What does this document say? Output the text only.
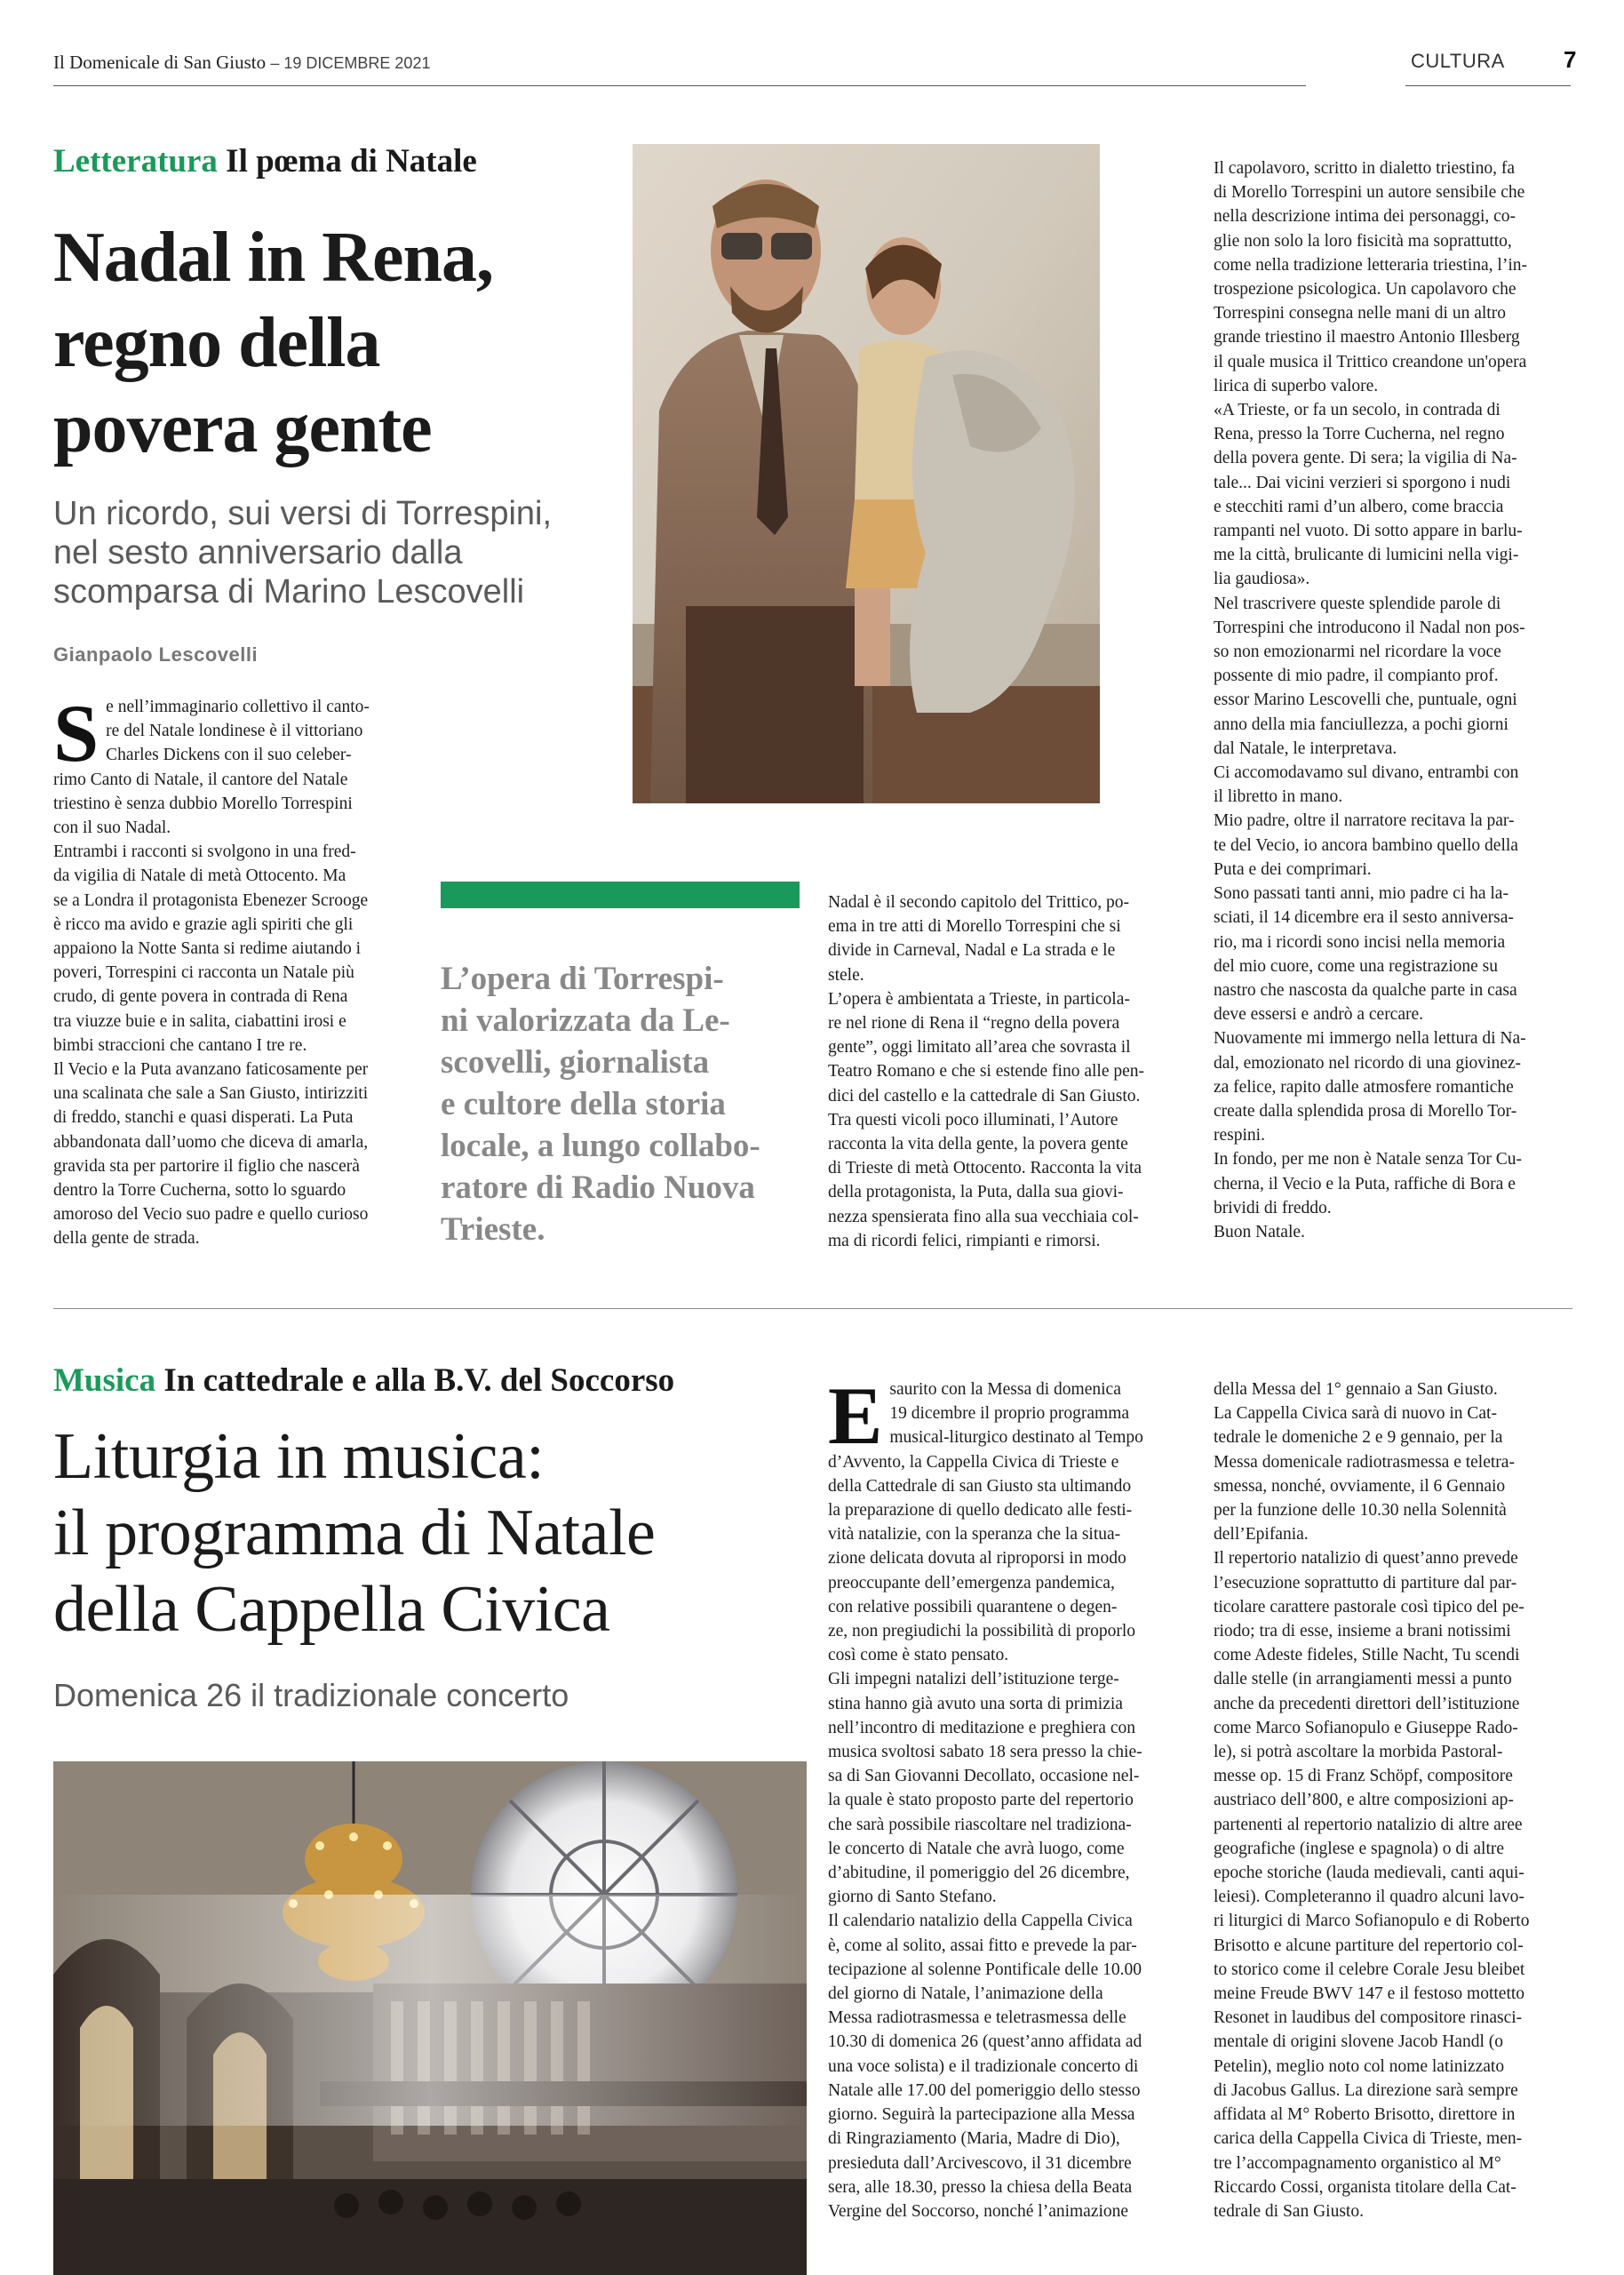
Il Domenicale di San Giusto – 19 DICEMBRE 2021	CULTURA	7
Letteratura Il pœma di Natale
Nadal in Rena,
regno della
povera gente
Un ricordo, sui versi di Torrespini,
nel sesto anniversario dalla
scomparsa di Marino Lescovelli
Gianpaolo Lescovelli
S e nell’immaginario collettivo il canto-

re del Natale londinese è il vittoriano

Charles Dickens con il suo celeber-

rimo Canto di Natale, il cantore del Natale

triestino è senza dubbio Morello Torrespini

con il suo Nadal.

Entrambi i racconti si svolgono in una fred-

da vigilia di Natale di metà Ottocento. Ma

se a Londra il protagonista Ebenezer Scrooge

è ricco ma avido e grazie agli spiriti che gli

appaiono la Notte Santa si redime aiutando i

poveri, Torrespini ci racconta un Natale più

crudo, di gente povera in contrada di Rena

tra viuzze buie e in salita, ciabattini irosi e

bimbi straccioni che cantano I tre re.

Il Vecio e la Puta avanzano faticosamente per

una scalinata che sale a San Giusto, intirizziti

di freddo, stanchi e quasi disperati. La Puta

abbandonata dall’uomo che diceva di amarla,

gravida sta per partorire il figlio che nascerà

dentro la Torre Cucherna, sotto lo sguardo

amoroso del Vecio suo padre e quello curioso

della gente de strada.

L’opera di Torrespi-
ni valorizzata da Le-
scovelli, giornalista
e cultore della storia
locale, a lungo collabo-
ratore di Radio Nuova
Trieste.

Nadal è il secondo capitolo del Trittico, po-

ema in tre atti di Morello Torrespini che si

divide in Carneval, Nadal e La strada e le

stele.

L’opera è ambientata a Trieste, in particola-

re nel rione di Rena il “regno della povera

gente”, oggi limitato all’area che sovrasta il

Teatro Romano e che si estende fino alle pen-

dici del castello e la cattedrale di San Giusto.

Tra questi vicoli poco illuminati, l’Autore

racconta la vita della gente, la povera gente

di Trieste di metà Ottocento. Racconta la vita

della protagonista, la Puta, dalla sua giovi-

nezza spensierata fino alla sua vecchiaia col-

ma di ricordi felici, rimpianti e rimorsi.

Il capolavoro, scritto in dialetto triestino, fa

di Morello Torrespini un autore sensibile che

nella descrizione intima dei personaggi, co-

glie non solo la loro fisicità ma soprattutto,

come nella tradizione letteraria triestina, l’in-

trospezione psicologica. Un capolavoro che

Torrespini consegna nelle mani di un altro

grande triestino il maestro Antonio Illesberg

il quale musica il Trittico creandone un'opera

lirica di superbo valore.

«A Trieste, or fa un secolo, in contrada di

Rena, presso la Torre Cucherna, nel regno

della povera gente. Di sera; la vigilia di Na-

tale... Dai vicini verzieri si sporgono i nudi

e stecchiti rami d’un albero, come braccia

rampanti nel vuoto. Di sotto appare in barlu-

me la città, brulicante di lumicini nella vigi-

lia gaudiosa».

Nel trascrivere queste splendide parole di

Torrespini che introducono il Nadal non pos-

so non emozionarmi nel ricordare la voce

possente di mio padre, il compianto prof.

essor Marino Lescovelli che, puntuale, ogni

anno della mia fanciullezza, a pochi giorni

dal Natale, le interpretava.

Ci accomodavamo sul divano, entrambi con

il libretto in mano.

Mio padre, oltre il narratore recitava la par-

te del Vecio, io ancora bambino quello della

Puta e dei comprimari.

Sono passati tanti anni, mio padre ci ha la-

sciati, il 14 dicembre era il sesto anniversa-

rio, ma i ricordi sono incisi nella memoria

del mio cuore, come una registrazione su

nastro che nascosta da qualche parte in casa

deve essersi e andrò a cercare.

Nuovamente mi immergo nella lettura di Na-

dal, emozionato nel ricordo di una giovinez-

za felice, rapito dalle atmosfere romantiche

create dalla splendida prosa di Morello Tor-

respini.

In fondo, per me non è Natale senza Tor Cu-

cherna, il Vecio e la Puta, raffiche di Bora e

brividi di freddo.

Buon Natale.

Musica In cattedrale e alla B.V. del Soccorso
Liturgia in musica:
il programma di Natale
della Cappella Civica
Domenica 26 il tradizionale concerto
E saurito con la Messa di domenica

19 dicembre il proprio programma

musical-liturgico destinato al Tempo

d’Avvento, la Cappella Civica di Trieste e

della Cattedrale di san Giusto sta ultimando

la preparazione di quello dedicato alle festi-

vità natalizie, con la speranza che la situa-

zione delicata dovuta al riproporsi in modo

preoccupante dell’emergenza pandemica,

con relative possibili quarantene o degen-

ze, non pregiudichi la possibilità di proporlo

così come è stato pensato.

Gli impegni natalizi dell’istituzione terge-

stina hanno già avuto una sorta di primizia

nell’incontro di meditazione e preghiera con

musica svoltosi sabato 18 sera presso la chie-

sa di San Giovanni Decollato, occasione nel-

la quale è stato proposto parte del repertorio

che sarà possibile riascoltare nel tradiziona-

le concerto di Natale che avrà luogo, come

d’abitudine, il pomeriggio del 26 dicembre,

giorno di Santo Stefano.

Il calendario natalizio della Cappella Civica

è, come al solito, assai fitto e prevede la par-

tecipazione al solenne Pontificale delle 10.00

del giorno di Natale, l’animazione della

Messa radiotrasmessa e teletrasmessa delle

10.30 di domenica 26 (quest’anno affidata ad

una voce solista) e il tradizionale concerto di

Natale alle 17.00 del pomeriggio dello stesso

giorno. Seguirà la partecipazione alla Messa

di Ringraziamento (Maria, Madre di Dio),

presieduta dall’Arcivescovo, il 31 dicembre

sera, alle 18.30, presso la chiesa della Beata

Vergine del Soccorso, nonché l’animazione

della Messa del 1° gennaio a San Giusto.

La Cappella Civica sarà di nuovo in Cat-

tedrale le domeniche 2 e 9 gennaio, per la

Messa domenicale radiotrasmessa e teletra-

smessa, nonché, ovviamente, il 6 Gennaio

per la funzione delle 10.30 nella Solennità

dell’Epifania.

Il repertorio natalizio di quest’anno prevede

l’esecuzione soprattutto di partiture dal par-

ticolare carattere pastorale così tipico del pe-

riodo; tra di esse, insieme a brani notissimi

come Adeste fideles, Stille Nacht, Tu scendi

dalle stelle (in arrangiamenti messi a punto

anche da precedenti direttori dell’istituzione

come Marco Sofianopulo e Giuseppe Rado-

le), si potrà ascoltare la morbida Pastoral-

messe op. 15 di Franz Schöpf, compositore

austriaco dell’800, e altre composizioni ap-

partenenti al repertorio natalizio di altre aree

geografiche (inglese e spagnola) o di altre

epoche storiche (lauda medievali, canti aqui-

leiesi). Completeranno il quadro alcuni lavo-

ri liturgici di Marco Sofianopulo e di Roberto

Brisotto e alcune partiture del repertorio col-

to storico come il celebre Corale Jesu bleibet

meine Freude BWV 147 e il festoso mottetto

Resonet in laudibus del compositore rinasci-

mentale di origini slovene Jacob Handl (o

Petelin), meglio noto col nome latinizzato

di Jacobus Gallus. La direzione sarà sempre

affidata al M° Roberto Brisotto, direttore in

carica della Cappella Civica di Trieste, men-

tre l’accompagnamento organistico al M°

Riccardo Cossi, organista titolare della Cat-

tedrale di San Giusto.
